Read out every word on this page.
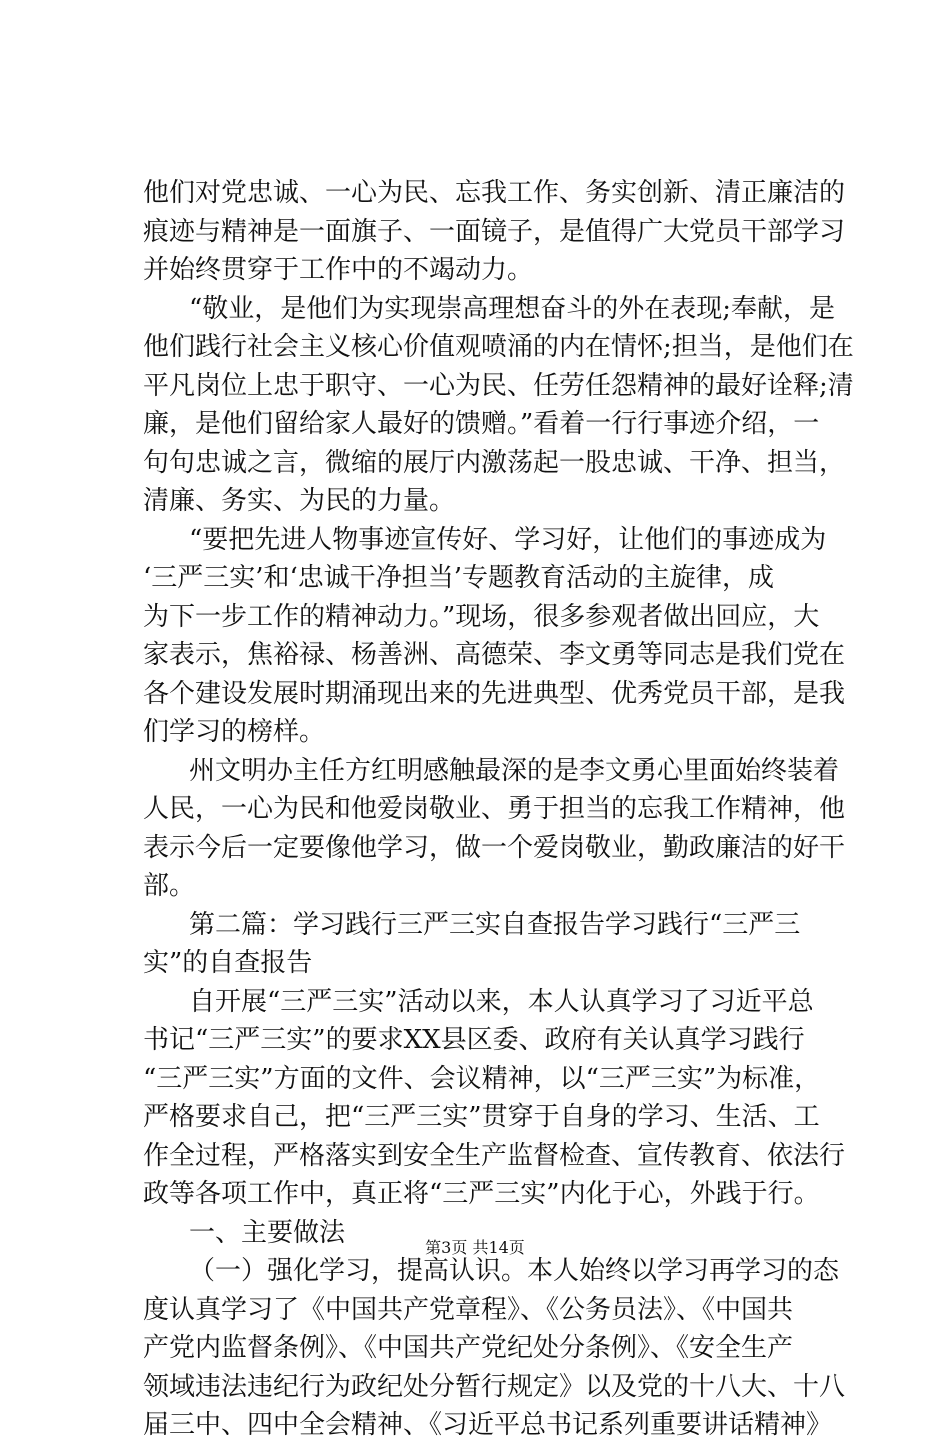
他们对党忠诚、一心为民、忘我工作、务实创新、清正廉洁的
痕迹与精神是一面旗子、一面镜子，是值得广大党员干部学习
并始终贯穿于工作中的不竭动力。
“敬业，是他们为实现崇高理想奋斗的外在表现;奉献，是
他们践行社会主义核心价值观喷涌的内在情怀;担当，是他们在
平凡岗位上忠于职守、一心为民、任劳任怨精神的最好诠释;清
廉，是他们留给家人最好的馈赠。”看着一行行事迹介绍，一
句句忠诚之言，微缩的展厅内激荡起一股忠诚、干净、担当，
清廉、务实、为民的力量。
“要把先进人物事迹宣传好、学习好，让他们的事迹成为
‘三严三实’和‘忠诚干净担当’专题教育活动的主旋律，成
为下一步工作的精神动力。”现场，很多参观者做出回应，大
家表示，焦裕禄、杨善洲、高德荣、李文勇等同志是我们党在
各个建设发展时期涌现出来的先进典型、优秀党员干部，是我
们学习的榜样。
州文明办主任方红明感触最深的是李文勇心里面始终装着
人民，一心为民和他爱岗敬业、勇于担当的忘我工作精神，他
表示今后一定要像他学习，做一个爱岗敬业，勤政廉洁的好干
部。
第二篇：学习践行三严三实自查报告学习践行“三严三
实”的自查报告
自开展“三严三实”活动以来，本人认真学习了习近平总
书记“三严三实”的要求XX县区委、政府有关认真学习践行
“三严三实”方面的文件、会议精神，以“三严三实”为标准，
严格要求自己，把“三严三实”贯穿于自身的学习、生活、工
作全过程，严格落实到安全生产监督检查、宣传教育、依法行
政等各项工作中，真正将“三严三实”内化于心，外践于行。
一、主要做法
（一）强化学习，提高认识。本人始终以学习再学习的态
度认真学习了《中国共产党章程》、《公务员法》、《中国共
产党内监督条例》、《中国共产党纪处分条例》、《安全生产
领域违法违纪行为政纪处分暂行规定》以及党的十八大、十八
届三中、四中全会精神、《习近平总书记系列重要讲话精神》
第3页 共14页
